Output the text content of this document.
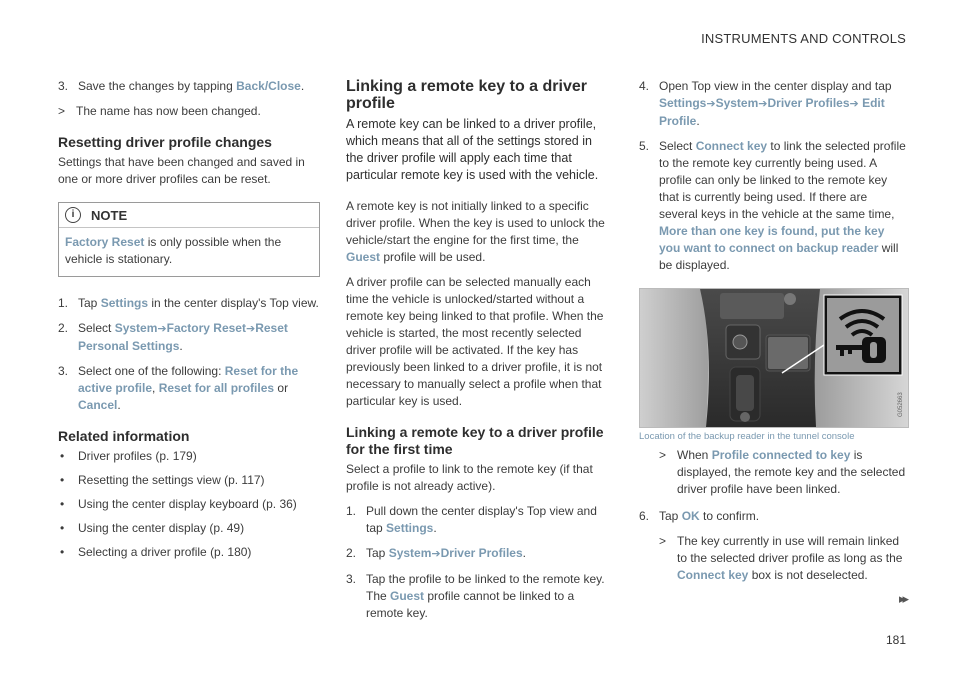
INSTRUMENTS AND CONTROLS
3. Save the changes by tapping Back/Close.
> The name has now been changed.
Resetting driver profile changes

Settings that have been changed and saved in one or more driver profiles can be reset.

i	NOTE
Factory Reset is only possible when the vehicle is stationary.
1. Tap Settings in the center display's Top view.
2. Select System➔Factory Reset➔Reset Personal Settings.
3. Select one of the following: Reset for the active profile, Reset for all profiles or Cancel.
Related information
• Driver profiles (p. 179)
• Resetting the settings view (p. 117)
• Using the center display keyboard (p. 36)
• Using the center display (p. 49)
• Selecting a driver profile (p. 180)
Linking a remote key to a driver profile

A remote key can be linked to a driver profile, which means that all of the settings stored in the driver profile will apply each time that particular remote key is used with the vehicle.

A remote key is not initially linked to a specific driver profile. When the key is used to unlock the vehicle/start the engine for the first time, the Guest profile will be used.

A driver profile can be selected manually each time the vehicle is unlocked/started without a remote key being linked to that profile. When the vehicle is started, the most recently selected driver profile will be activated. If the key has previously been linked to a driver profile, it is not necessary to manually select a profile when that particular key is used.

Linking a remote key to a driver profile for the first time

Select a profile to link to the remote key (if that profile is not already active).

1. Pull down the center display's Top view and tap Settings.
2. Tap System➔Driver Profiles.
3. Tap the profile to be linked to the remote key. The Guest profile cannot be linked to a remote key.
4. Open Top view in the center display and tap
Settings➔System➔Driver Profiles➔ Edit Profile.
5. Select Connect key to link the selected profile to the remote key currently being used. A profile can only be linked to the remote key that is currently being used. If there are several keys in the vehicle at the same time, More than one key is found, put the key you want to connect on backup reader will be displayed.
G052663
Location of the backup reader in the tunnel console
> When Profile connected to key is displayed, the remote key and the selected driver profile have been linked.
6. Tap OK to confirm.
> The key currently in use will remain linked to the selected driver profile as long as the Connect key box is not deselected.
▸▸
181
